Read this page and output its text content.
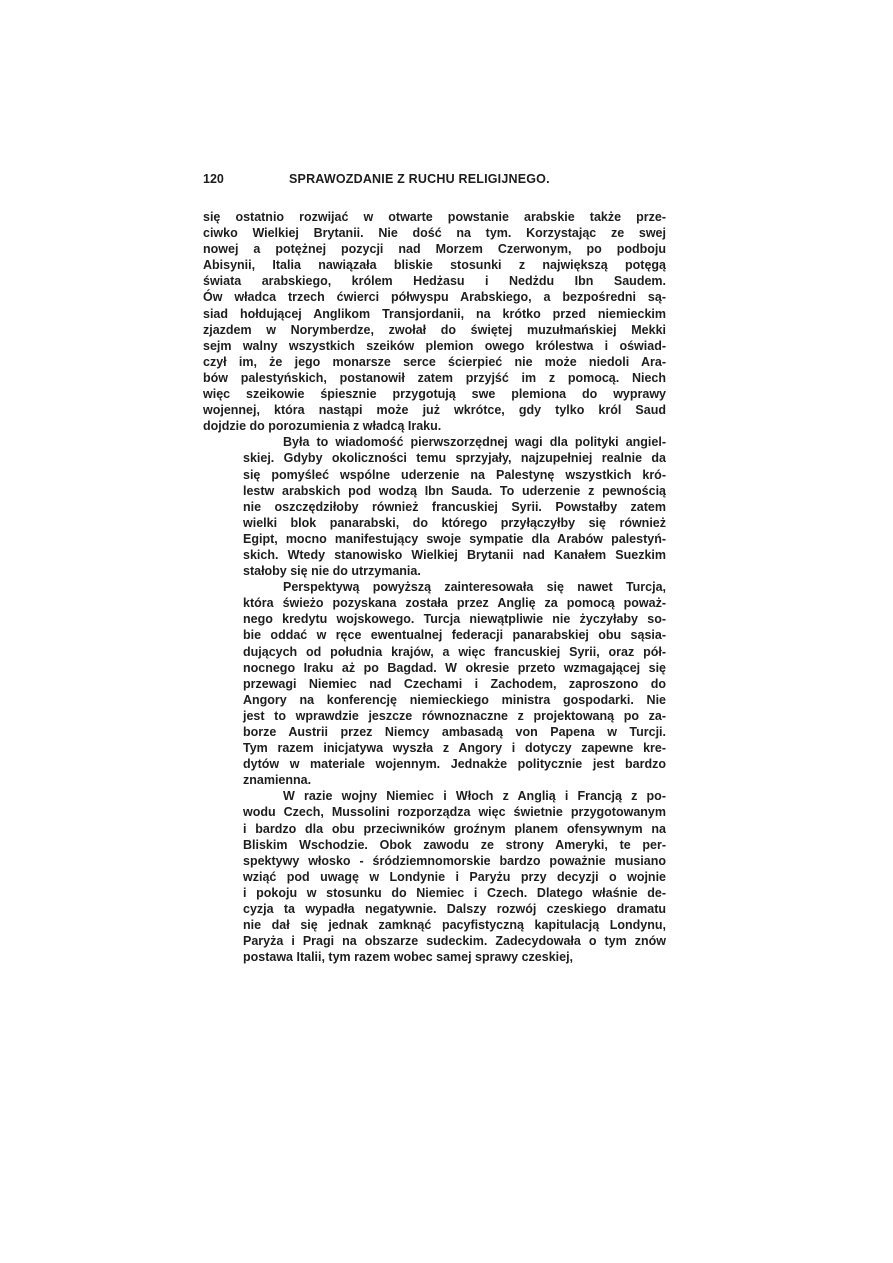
120	SPRAWOZDANIE Z RUCHU RELIGIJNEGO.
się ostatnio rozwijać w otwarte powstanie arabskie także prze-
ciwko Wielkiej Brytanii. Nie dość na tym. Korzystając ze swej
nowej a potężnej pozycji nad Morzem Czerwonym, po podboju
Abisynii, Italia nawiązała bliskie stosunki z największą potęgą
świata arabskiego, królem Hedżasu i Nedżdu Ibn Saudem.
Ów władca trzech ćwierci półwyspu Arabskiego, a bezpośredni są-
siad hołdującej Anglikom Transjordanii, na krótko przed niemieckim
zjazdem w Norymberdze, zwołał do świętej muzułmańskiej Mekki
sejm walny wszystkich szeików plemion owego królestwa i oświad-
czył im, że jego monarsze serce ścierpieć nie może niedoli Ara-
bów palestyńskich, postanowił zatem przyjść im z pomocą. Niech
więc szeikowie śpiesznie przygotują swe plemiona do wyprawy
wojennej, która nastąpi może już wkrótce, gdy tylko król Saud
dojdzie do porozumienia z władcą Iraku.
Była to wiadomość pierwszorzędnej wagi dla polityki angiel-
skiej. Gdyby okoliczności temu sprzyjały, najzupełniej realnie da
się pomyśleć wspólne uderzenie na Palestynę wszystkich kró-
lestw arabskich pod wodzą Ibn Sauda. To uderzenie z pewnością
nie oszczędziłoby również francuskiej Syrii. Powstałby zatem
wielki blok panarabski, do którego przyłączyłby się również
Egipt, mocno manifestujący swoje sympatie dla Arabów palestyń-
skich. Wtedy stanowisko Wielkiej Brytanii nad Kanałem Suezkim
stałoby się nie do utrzymania.
Perspektywą powyższą zainteresowała się nawet Turcja,
która świeżo pozyskana została przez Anglię za pomocą poważ-
nego kredytu wojskowego. Turcja niewątpliwie nie życzyłaby so-
bie oddać w ręce ewentualnej federacji panarabskiej obu sąsia-
dujących od południa krajów, a więc francuskiej Syrii, oraz pół-
nocnego Iraku aż po Bagdad. W okresie przeto wzmagającej się
przewagi Niemiec nad Czechami i Zachodem, zaproszono do
Angory na konferencję niemieckiego ministra gospodarki. Nie
jest to wprawdzie jeszcze równoznaczne z projektowaną po za-
borze Austrii przez Niemcy ambasadą von Papena w Turcji.
Tym razem inicjatywa wyszła z Angory i dotyczy zapewne kre-
dytów w materiale wojennym. Jednakże politycznie jest bardzo
znamienna.
W razie wojny Niemiec i Włoch z Anglią i Francją z po-
wodu Czech, Mussolini rozporządza więc świetnie przygotowanym
i bardzo dla obu przeciwników groźnym planem ofensywnym na
Bliskim Wschodzie. Obok zawodu ze strony Ameryki, te per-
spektywy włosko - śródziemnomorskie bardzo poważnie musiano
wziąć pod uwagę w Londynie i Paryżu przy decyzji o wojnie
i pokoju w stosunku do Niemiec i Czech. Dlatego właśnie de-
cyzja ta wypadła negatywnie. Dalszy rozwój czeskiego dramatu
nie dał się jednak zamknąć pacyfistyczną kapitulacją Londynu,
Paryża i Pragi na obszarze sudeckim. Zadecydowała o tym znów
postawa Italii, tym razem wobec samej sprawy czeskiej,
